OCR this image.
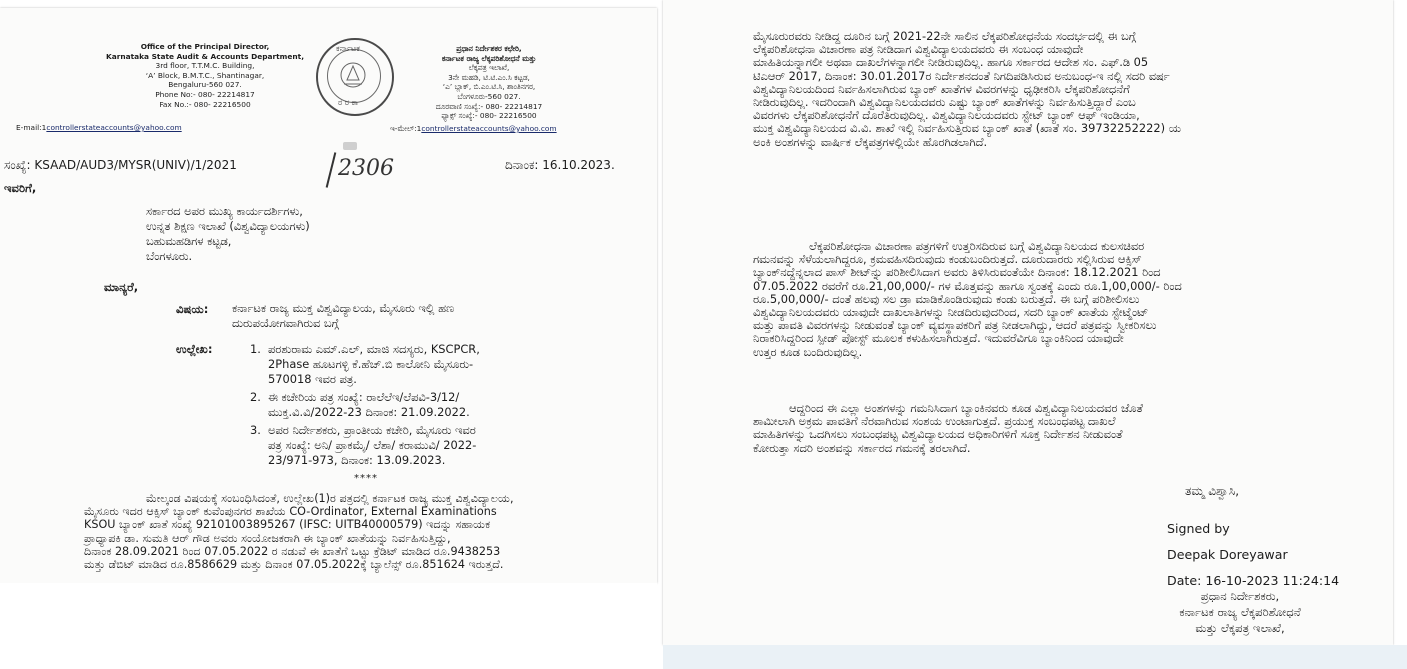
Office of the Principal Director,
Karnataka State Audit & Accounts Department,
3rd floor, T.T.M.C. Building,
‘A’ Block, B.M.T.C., Shantinagar,
Bengaluru-560 027.
Phone No:- 080- 22214817
Fax No.:- 080- 22216500
E-mail:1controllerstateaccounts@yahoo.com
ಕರ್ನಾಟಕ
ರ ರ ಕಾ
ಪ್ರಧಾನ ನಿರ್ದೇಶಕರ ಕಛೇರಿ,
ಕರ್ನಾಟಕ ರಾಜ್ಯ ಲೆಕ್ಕಪರಿಶೋಧನೆ ಮತ್ತು
ಲೆಕ್ಕಪತ್ರ ಇಲಾಖೆ,
3ನೇ ಮಹಡಿ, ಟಿ.ಟಿ.ಎಂ.ಸಿ ಕಟ್ಟಡ,
‘ಎ’ ಬ್ಲಾಕ್, ಬಿ.ಎಂ.ಟಿ.ಸಿ, ಶಾಂತಿನಗರ,
ಬೆಂಗಳೂರು-560 027.
ದೂರವಾಣಿ ಸಂಖ್ಯೆ:- 080- 22214817
ಫ್ಯಾಕ್ಸ್ ಸಂಖ್ಯೆ:- 080- 22216500
ಇ-ಮೇಲ್:1controllerstateaccounts@yahoo.com
ಸಂಖ್ಯೆ: KSAAD/AUD3/MYSR(UNIV)/1/2021	2306	ದಿನಾಂಕ: 16.10.2023.
ಇವರಿಗೆ,
ಸರ್ಕಾರದ ಅಪರ ಮುಖ್ಯ ಕಾರ್ಯದರ್ಶಿಗಳು,
ಉನ್ನತ ಶಿಕ್ಷಣ ಇಲಾಖೆ (ವಿಶ್ವವಿದ್ಯಾಲಯಗಳು)
ಬಹುಮಹಡಿಗಳ ಕಟ್ಟಡ,
ಬೆಂಗಳೂರು.
ಮಾನ್ಯರೆ,
ವಿಷಯ: ಕರ್ನಾಟಕ ರಾಜ್ಯ ಮುಕ್ತ ವಿಶ್ವವಿದ್ಯಾಲಯ, ಮೈಸೂರು ಇಲ್ಲಿ ಹಣ
ದುರುಪಯೋಗವಾಗಿರುವ ಬಗ್ಗೆ
ಉಲ್ಲೇಖ:	1. ಪರಶುರಾಮ ಎಮ್.ಎಲ್, ಮಾಜಿ ಸದಸ್ಯರು, KSCPCR,
2Phase ಹೂಟಗಳ್ಳಿ ಕೆ.ಹೆಚ್.ಬಿ ಕಾಲೋನಿ ಮೈಸೂರು-
570018 ಇವರ ಪತ್ರ.
2. ಈ ಕಚೇರಿಯ ಪತ್ರ ಸಂಖ್ಯೆ: ರಾಲೆಲೆಇ/ಲೆಪವಿ-3/12/
ಮುಕ್ತ.ವಿ.ವಿ/2022-23 ದಿನಾಂಕ: 21.09.2022.
3. ಅಪರ ನಿರ್ದೇಶಕರು, ಪ್ರಾಂತೀಯ ಕಚೇರಿ, ಮೈಸೂರು ಇವರ
ಪತ್ರ ಸಂಖ್ಯೆ: ಅನಿ/ ಪ್ರಾಕಮೈ/ ಲೆಶಾ/ ಕರಾಮುವಿ/ 2022-
23/971-973, ದಿನಾಂಕ: 13.09.2023.
****
ಮೇಲ್ಕಂಡ ವಿಷಯಕ್ಕೆ ಸಂಬಂಧಿಸಿದಂತೆ, ಉಲ್ಲೇಖ(1)ರ ಪತ್ರದಲ್ಲಿ ಕರ್ನಾಟಕ ರಾಜ್ಯ ಮುಕ್ತ ವಿಶ್ವವಿದ್ಯಾಲಯ,
ಮೈಸೂರು ಇದರ ಆಕ್ಸಿಸ್ ಬ್ಯಾಂಕ್ ಕುವೆಂಪುನಗರ ಶಾಖೆಯ CO-Ordinator, External Examinations
KSOU ಬ್ಯಾಂಕ್ ಖಾತೆ ಸಂಖ್ಯೆ 92101003895267 (IFSC: UITB40000579) ಇದನ್ನು ಸಹಾಯಕ
ಪ್ರಾಧ್ಯಾಪಕಿ ಡಾ. ಸುಮತಿ ಆರ್ ಗೌಡ ಅವರು ಸಂಯೋಜಕರಾಗಿ ಈ ಬ್ಯಾಂಕ್ ಖಾತೆಯನ್ನು ನಿರ್ವಹಿಸುತ್ತಿದ್ದು,
ದಿನಾಂಕ 28.09.2021 ರಿಂದ 07.05.2022 ರ ನಡುವೆ ಈ ಖಾತೆಗೆ ಒಟ್ಟು ಕ್ರೆಡಿಟ್ ಮಾಡಿದ ರೂ.9438253
ಮತ್ತು ಡೆಬಿಟ್ ಮಾಡಿದ ರೂ.8586629 ಮತ್ತು ದಿನಾಂಕ 07.05.2022ಕ್ಕೆ ಬ್ಯಾಲೆನ್ಸ್ ರೂ.851624 ಇರುತ್ತದೆ.
ಮೈಸೂರುರವರು ನೀಡಿದ್ದ ದೂರಿನ ಬಗ್ಗೆ 2021-22ನೇ ಸಾಲಿನ ಲೆಕ್ಕಪರಿಶೋಧನೆಯ ಸಂದರ್ಭದಲ್ಲಿ ಈ ಬಗ್ಗೆ
ಲೆಕ್ಕಪರಿಶೋಧನಾ ವಿಚಾರಣಾ ಪತ್ರ ನೀಡಿದಾಗ ವಿಶ್ವವಿದ್ಯಾಲಯದವರು ಈ ಸಂಬಂಧ ಯಾವುದೇ
ಮಾಹಿತಿಯನ್ನಾಗಲೀ ಅಥವಾ ದಾಖಲೆಗಳನ್ನಾಗಲೀ ನೀಡಿರುವುದಿಲ್ಲ. ಹಾಗೂ ಸರ್ಕಾರದ ಆದೇಶ ಸಂ. ಎಫ್.ಡಿ 05
ಟಿಎಆರ್ 2017, ದಿನಾಂಕ: 30.01.2017ರ ನಿರ್ದೇಶನದಂತೆ ನಿಗದಿಪಡಿಸಿರುವ ಅನುಬಂಧ-ಇ ನಲ್ಲಿ ಸದರಿ ವರ್ಷ
ವಿಶ್ವವಿದ್ಯಾನಿಲಯದಿಂದ ನಿರ್ವಹಿಸಲಾಗಿರುವ ಬ್ಯಾಂಕ್ ಖಾತೆಗಳ ವಿವರಗಳನ್ನು ಧೃಢೀಕರಿಸಿ ಲೆಕ್ಕಪರಿಶೋಧನೆಗೆ
ನೀಡಿರುವುದಿಲ್ಲ. ಇದರಿಂದಾಗಿ ವಿಶ್ವವಿದ್ಯಾನಿಲಯದವರು ಎಷ್ಟು ಬ್ಯಾಂಕ್ ಖಾತೆಗಳನ್ನು ನಿರ್ವಹಿಸುತ್ತಿದ್ದಾರೆ ಎಂಬ
ವಿವರಗಳು ಲೆಕ್ಕಪರಿಶೋಧನೆಗೆ ದೊರೆತಿರುವುದಿಲ್ಲ. ವಿಶ್ವವಿದ್ಯಾನಿಲಯದವರು ಸ್ಟೇಟ್ ಬ್ಯಾಂಕ್ ಆಫ್ ಇಂಡಿಯಾ,
ಮುಕ್ತ ವಿಶ್ವವಿದ್ಯಾನಿಲಯದ ವಿ.ವಿ. ಶಾಖೆ ಇಲ್ಲಿ ನಿರ್ವಹಿಸುತ್ತಿರುವ ಬ್ಯಾಂಕ್ ಖಾತೆ (ಖಾತೆ ಸಂ. 39732252222) ಯ
ಅಂಕಿ ಅಂಶಗಳನ್ನು ವಾರ್ಷಿಕ ಲೆಕ್ಕಪತ್ರಗಳಲ್ಲಿಯೇ ಹೊರಗಿಡಲಾಗಿದೆ.
ಲೆಕ್ಕಪರಿಶೋಧನಾ ವಿಚಾರಣಾ ಪತ್ರಗಳಿಗೆ ಉತ್ತರಿಸದಿರುವ ಬಗ್ಗೆ ವಿಶ್ವವಿದ್ಯಾನಿಲಯದ ಕುಲಸಚಿವರ
ಗಮನವನ್ನು ಸೆಳೆಯಲಾಗಿದ್ದರೂ, ಕ್ರಮವಹಿಸದಿರುವುದು ಕಂಡುಬಂದಿರುತ್ತದೆ. ದೂರುದಾರರು ಸಲ್ಲಿಸಿರುವ ಆಕ್ಸಿಸ್
ಬ್ಯಾಂಕ್‌ನದ್ದೆನ್ನಲಾದ ಪಾಸ್ ಶೀಟ್‌ನ್ನು ಪರಿಶೀಲಿಸಿದಾಗ ಅವರು ತಿಳಿಸಿರುವಂತೆಯೇ ದಿನಾಂಕ: 18.12.2021 ರಿಂದ
07.05.2022 ರವರೆಗೆ ರೂ.21,00,000/- ಗಳ ಮೊತ್ತವನ್ನು ಹಾಗೂ ಸ್ವಂತಕ್ಕೆ ಎಂದು ರೂ.1,00,000/- ರಿಂದ
ರೂ.5,00,000/- ದಂತೆ ಹಲವು ಸಲ ಡ್ರಾ ಮಾಡಿಕೊಂಡಿರುವುದು ಕಂಡು ಬರುತ್ತದೆ. ಈ ಬಗ್ಗೆ ಪರಿಶೀಲಿಸಲು
ವಿಶ್ವವಿದ್ಯಾನಿಲಯದವರು ಯಾವುದೇ ದಾಖಲಾತಿಗಳನ್ನು ನೀಡದಿರುವುದರಿಂದ, ಸದರಿ ಬ್ಯಾಂಕ್ ಖಾತೆಯ ಸ್ಟೇಟ್ಮೆಂಟ್
ಮತ್ತು ಪಾವತಿ ವಿವರಗಳನ್ನು ನೀಡುವಂತೆ ಬ್ಯಾಂಕ್ ವ್ಯವಸ್ಥಾಪಕರಿಗೆ ಪತ್ರ ನೀಡಲಾಗಿದ್ದು, ಆದರೆ ಪತ್ರವನ್ನು ಸ್ವೀಕರಿಸಲು
ನಿರಾಕರಿಸಿದ್ದರಿಂದ ಸ್ಪೀಡ್ ಪೋಸ್ಟ್ ಮೂಲಕ ಕಳುಹಿಸಲಾಗಿರುತ್ತದೆ. ಇದುವರೆವಿಗೂ ಬ್ಯಾಂಕಿನಿಂದ ಯಾವುದೇ
ಉತ್ತರ ಕೂಡ ಬಂದಿರುವುದಿಲ್ಲ.
ಆದ್ದರಿಂದ ಈ ಎಲ್ಲಾ ಅಂಶಗಳನ್ನು ಗಮನಿಸಿದಾಗ ಬ್ಯಾಂಕಿನವರು ಕೂಡ ವಿಶ್ವವಿದ್ಯಾನಿಲಯದವರ ಜೊತೆ
ಶಾಮೀಲಾಗಿ ಅಕ್ರಮ ಪಾವತಿಗೆ ನೆರವಾಗಿರುವ ಸಂಶಯ ಉಂಟಾಗುತ್ತದೆ. ಪ್ರಯುಕ್ತ ಸಂಬಂಧಪಟ್ಟ ದಾಖಲೆ
ಮಾಹಿತಿಗಳನ್ನು ಒದಗಿಸಲು ಸಂಬಂಧಪಟ್ಟ ವಿಶ್ವವಿದ್ಯಾಲಯದ ಅಧಿಕಾರಿಗಳಿಗೆ ಸೂಕ್ತ ನಿರ್ದೇಶನ ನೀಡುವಂತೆ
ಕೋರುತ್ತಾ ಸದರಿ ಅಂಶವನ್ನು ಸರ್ಕಾರದ ಗಮನಕ್ಕೆ ತರಲಾಗಿದೆ.
ತಮ್ಮ ವಿಶ್ವಾಸಿ,
Signed by
Deepak Doreyawar
Date: 16-10-2023 11:24:14
ಪ್ರಧಾನ ನಿರ್ದೇಶಕರು,
ಕರ್ನಾಟಕ ರಾಜ್ಯ ಲೆಕ್ಕಪರಿಶೋಧನೆ
ಮತ್ತು ಲೆಕ್ಕಪತ್ರ ಇಲಾಖೆ,
